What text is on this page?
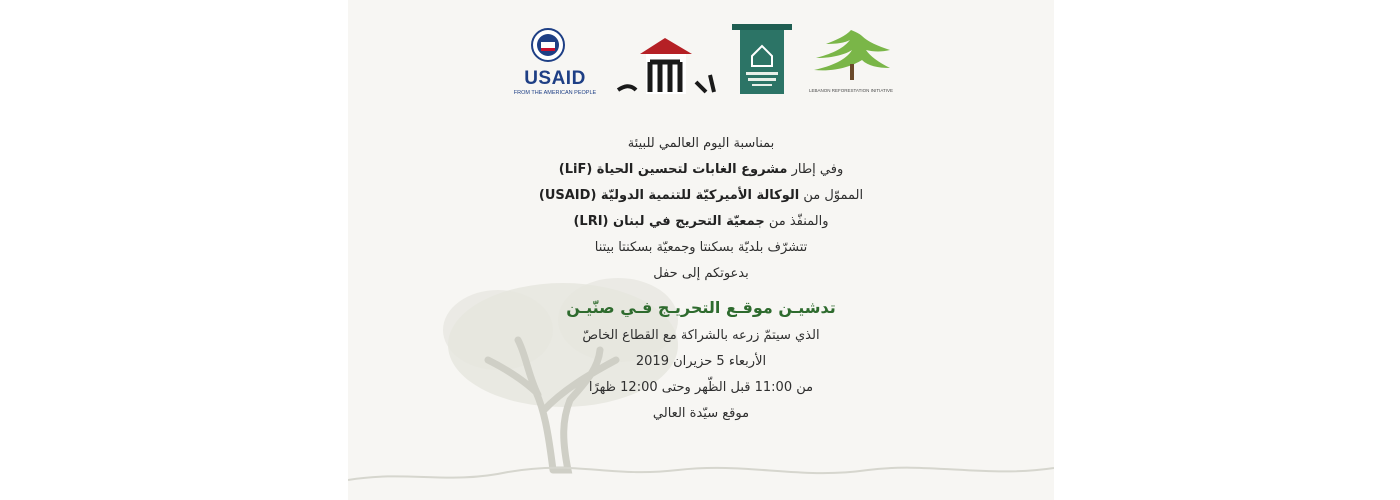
USAID
FROM THE AMERICAN PEOPLE	LEBANON REFORESTATION INITIATIVE
بمناسبة اليوم العالمي للبيئة
وفي إطار مشروع الغابات لتحسين الحياة (LiF)
المموّل من الوكالة الأميركيّة للتنمية الدوليّة (USAID)
والمنفّذ من جمعيّة التحريج في لبنان (LRI)
تتشرّف بلديّة بسكنتا وجمعيّة بسكنتا بيتنا
بدعوتكم إلى حفل
تدشيـن موقـع التحريـج فـي صنّيـن
الذي سيتمّ زرعه بالشراكة مع القطاع الخاصّ
الأربعاء 5 حزيران 2019
من 11:00 قبل الظّهر وحتى 12:00 ظهرًا
موقع سيّدة العالي
